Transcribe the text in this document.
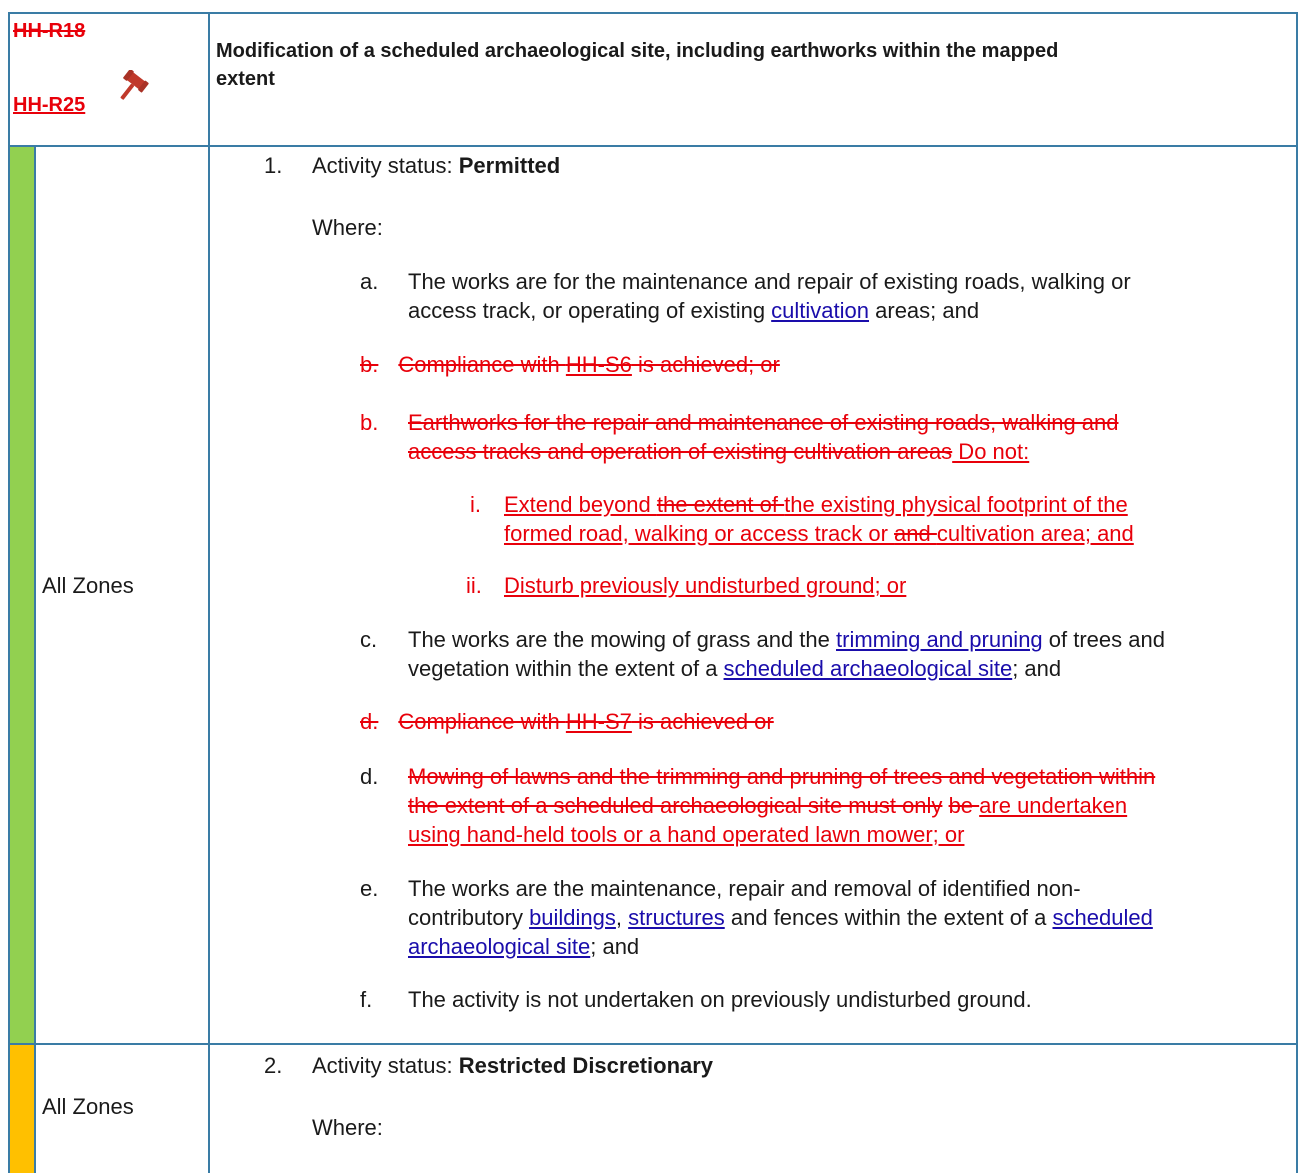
HH-R18
HH-R25
Modification of a scheduled archaeological site, including earthworks within the mapped
extent
All Zones
1. Activity status: Permitted
Where:
a. The works are for the maintenance and repair of existing roads, walking or
access track, or operating of existing cultivation areas; and
b. Compliance with HH-S6 is achieved; or
b. Earthworks for the repair and maintenance of existing roads, walking and
access tracks and operation of existing cultivation areas Do not:
i. Extend beyond the extent of the existing physical footprint of the
formed road, walking or access track or and cultivation area; and
ii. Disturb previously undisturbed ground; or
c. The works are the mowing of grass and the trimming and pruning of trees and
vegetation within the extent of a scheduled archaeological site; and
d. Compliance with HH-S7 is achieved or
d. Mowing of lawns and the trimming and pruning of trees and vegetation within
the extent of a scheduled archaeological site must only be are undertaken
using hand-held tools or a hand operated lawn mower; or
e. The works are the maintenance, repair and removal of identified non-
contributory buildings, structures and fences within the extent of a scheduled
archaeological site; and
f. The activity is not undertaken on previously undisturbed ground.
All Zones
2. Activity status: Restricted Discretionary
Where:
